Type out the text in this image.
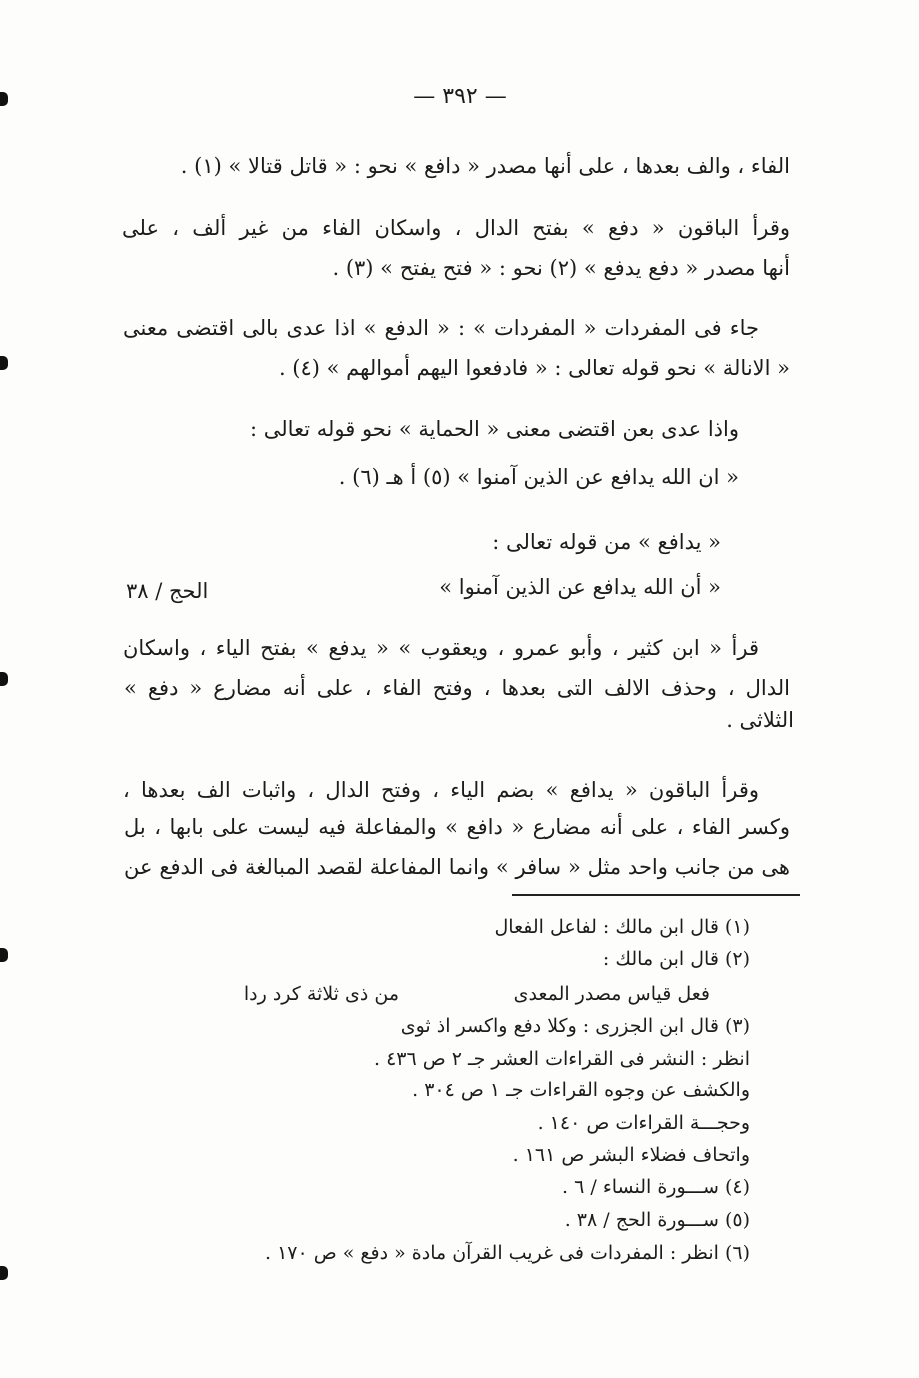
— ٣٩٢ —
الفاء ، والف بعدها ، على أنها مصدر « دافع » نحو : « قاتل قتالا » (١) .
وقرأ الباقون « دفع » بفتح الدال ، واسكان الفاء من غير ألف ، على
أنها مصدر « دفع يدفع » (٢) نحو : « فتح يفتح » (٣) .
جاء فى المفردات « المفردات » : « الدفع » اذا عدى بالى اقتضى معنى
« الانالة » نحو قوله تعالى : « فادفعوا اليهم أموالهم » (٤) .
واذا عدى بعن اقتضى معنى « الحماية » نحو قوله تعالى :
« ان الله يدافع عن الذين آمنوا » (٥) أ هـ (٦) .
« يدافع » من قوله تعالى :
« أن الله يدافع عن الذين آمنوا »
الحج / ٣٨
قرأ « ابن كثير ، وأبو عمرو ، ويعقوب » « يدفع » بفتح الياء ، واسكان
الدال ، وحذف الالف التى بعدها ، وفتح الفاء ، على أنه مضارع « دفع »
الثلاثى .
وقرأ الباقون « يدافع » بضم الياء ، وفتح الدال ، واثبات الف بعدها ،
وكسر الفاء ، على أنه مضارع « دافع » والمفاعلة فيه ليست على بابها ، بل
هى من جانب واحد مثل « سافر » وانما المفاعلة لقصد المبالغة فى الدفع عن
(١) قال ابن مالك : لفاعل الفعال
(٢) قال ابن مالك :
فعل قياس مصدر المعدى
من ذى ثلاثة كرد ردا
(٣) قال ابن الجزرى : وكلا دفع واكسر اذ ثوى
انظر : النشر فى القراءات العشر جـ ٢ ص ٤٣٦ .
والكشف عن وجوه القراءات جـ ١ ص ٣٠٤ .
وحجـــة القراءات ص ١٤٠ .
واتحاف فضلاء البشر ص ١٦١ .
(٤) ســـورة النساء / ٦ .
(٥) ســـورة الحج / ٣٨ .
(٦) انظر : المفردات فى غريب القرآن مادة « دفع » ص ١٧٠ .
